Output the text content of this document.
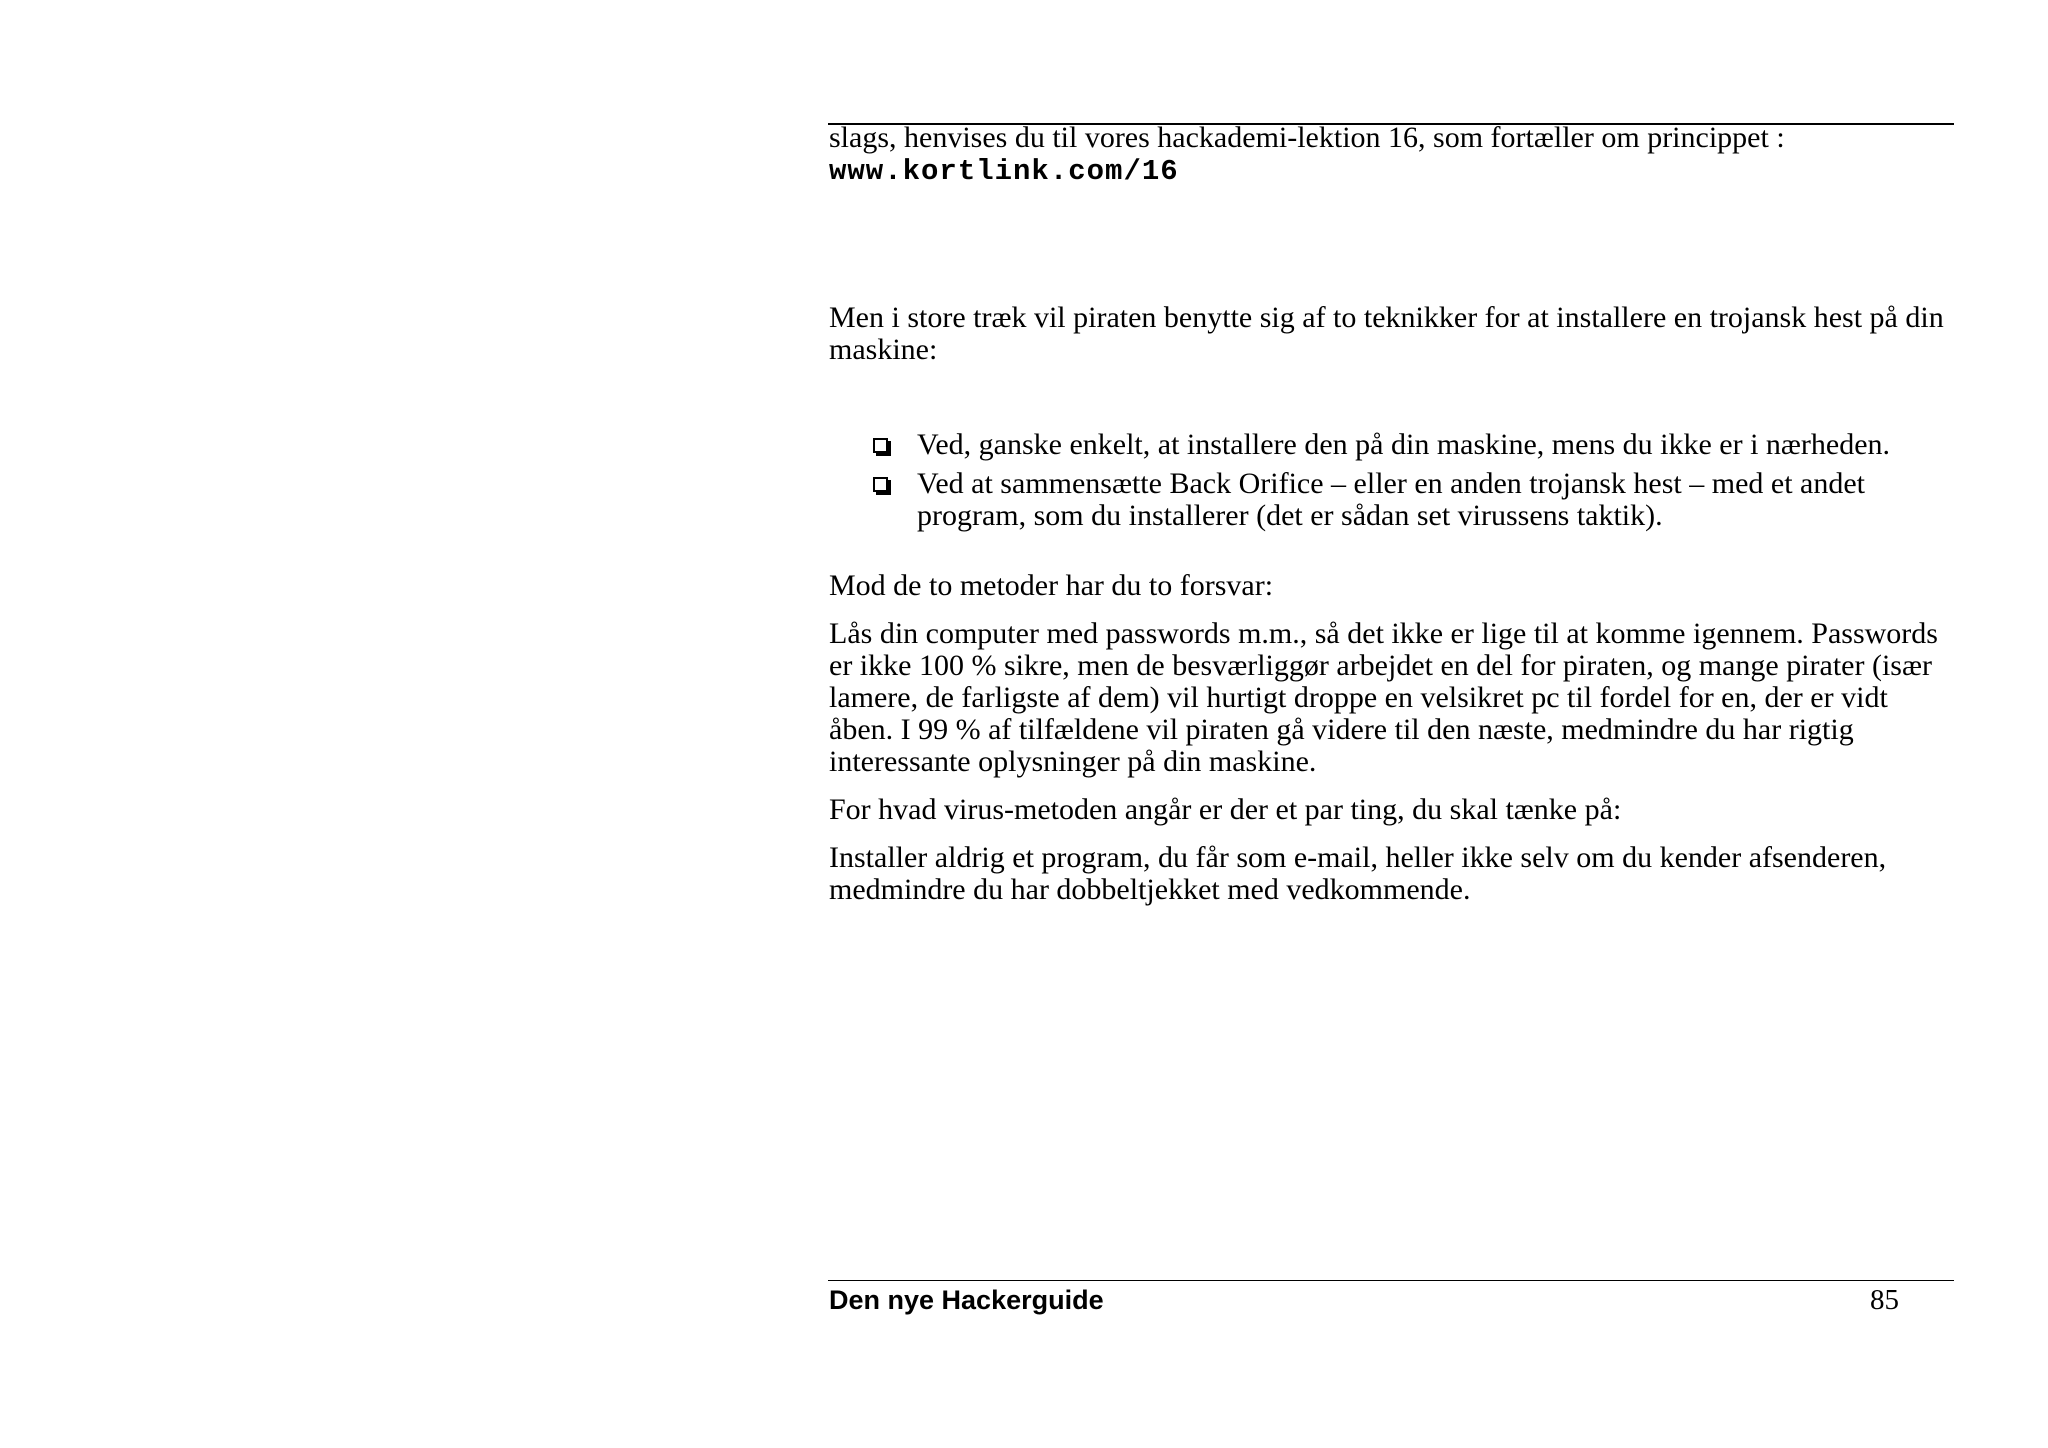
slags, henvises du til vores hackademi-lektion 16, som fortæller om princippet :
www.kortlink.com/16

Men i store træk vil piraten benytte sig af to teknikker for at installere en trojansk hest på din maskine:

Ved, ganske enkelt, at installere den på din maskine, mens du ikke er i nærheden.
Ved at sammensætte Back Orifice – eller en anden trojansk hest – med et andet program, som du installerer (det er sådan set virussens taktik).

Mod de to metoder har du to forsvar:

Lås din computer med passwords m.m., så det ikke er lige til at komme igennem. Passwords er ikke 100 % sikre, men de besværliggør arbejdet en del for piraten, og mange pirater (især lamere, de farligste af dem) vil hurtigt droppe en velsikret pc til fordel for en, der er vidt åben. I 99 % af tilfældene vil piraten gå videre til den næste, medmindre du har rigtig interessante oplysninger på din maskine.

For hvad virus-metoden angår er der et par ting, du skal tænke på:

Installer aldrig et program, du får som e-mail, heller ikke selv om du kender afsenderen, medmindre du har dobbeltjekket med vedkommende.

Den nye Hackerguide	85
